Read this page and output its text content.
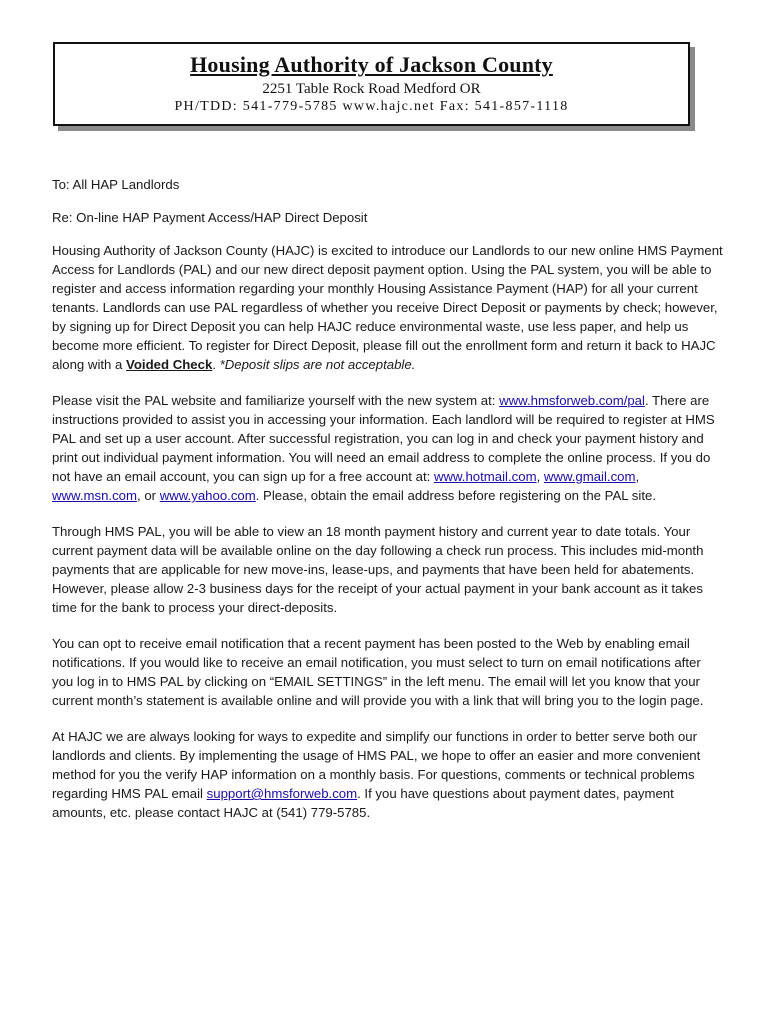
Housing Authority of Jackson County
2251 Table Rock Road Medford OR
PH/TDD: 541-779-5785 www.hajc.net Fax: 541-857-1118

To: All HAP Landlords

Re: On-line HAP Payment Access/HAP Direct Deposit

Housing Authority of Jackson County (HAJC) is excited to introduce our Landlords to our new online HMS Payment Access for Landlords (PAL) and our new direct deposit payment option. Using the PAL system, you will be able to register and access information regarding your monthly Housing Assistance Payment (HAP) for all your current tenants. Landlords can use PAL regardless of whether you receive Direct Deposit or payments by check; however, by signing up for Direct Deposit you can help HAJC reduce environmental waste, use less paper, and help us become more efficient. To register for Direct Deposit, please fill out the enrollment form and return it back to HAJC along with a Voided Check. *Deposit slips are not acceptable.

Please visit the PAL website and familiarize yourself with the new system at: www.hmsforweb.com/pal. There are instructions provided to assist you in accessing your information. Each landlord will be required to register at HMS PAL and set up a user account. After successful registration, you can log in and check your payment history and print out individual payment information. You will need an email address to complete the online process. If you do not have an email account, you can sign up for a free account at: www.hotmail.com, www.gmail.com, www.msn.com, or www.yahoo.com. Please, obtain the email address before registering on the PAL site.

Through HMS PAL, you will be able to view an 18 month payment history and current year to date totals. Your current payment data will be available online on the day following a check run process. This includes mid-month payments that are applicable for new move-ins, lease-ups, and payments that have been held for abatements. However, please allow 2-3 business days for the receipt of your actual payment in your bank account as it takes time for the bank to process your direct-deposits.

You can opt to receive email notification that a recent payment has been posted to the Web by enabling email notifications. If you would like to receive an email notification, you must select to turn on email notifications after you log in to HMS PAL by clicking on “EMAIL SETTINGS” in the left menu. The email will let you know that your current month’s statement is available online and will provide you with a link that will bring you to the login page.

At HAJC we are always looking for ways to expedite and simplify our functions in order to better serve both our landlords and clients. By implementing the usage of HMS PAL, we hope to offer an easier and more convenient method for you the verify HAP information on a monthly basis. For questions, comments or technical problems regarding HMS PAL email support@hmsforweb.com. If you have questions about payment dates, payment amounts, etc. please contact HAJC at (541) 779-5785.
